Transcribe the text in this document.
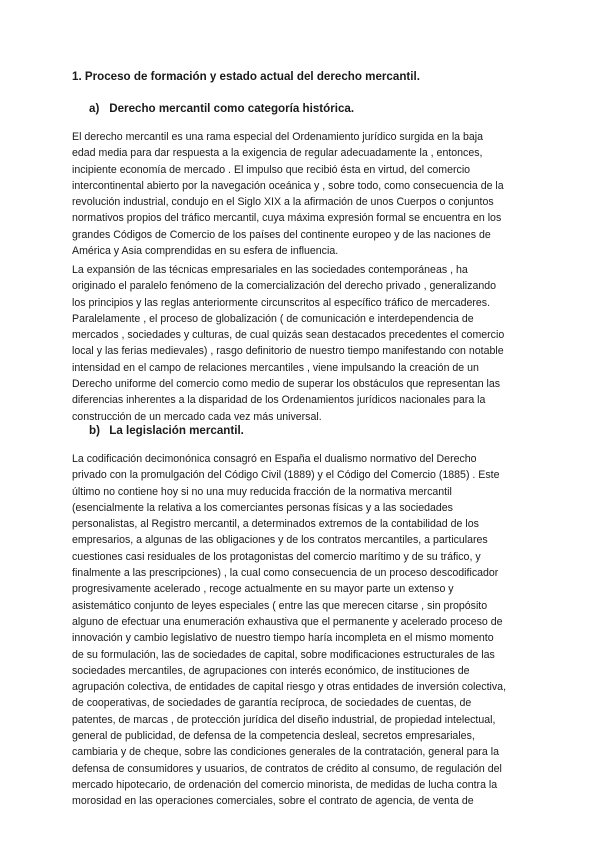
1. Proceso de formación y estado actual del derecho mercantil.
a) Derecho mercantil como categoría histórica.
El derecho mercantil es una rama especial del Ordenamiento jurídico surgida en la baja
edad media para dar respuesta a la exigencia de regular adecuadamente la , entonces,
incipiente economía de mercado . El impulso que recibió ésta en virtud, del comercio
intercontinental abierto por la navegación oceánica y , sobre todo, como consecuencia de la
revolución industrial, condujo en el Siglo XIX a la afirmación de unos Cuerpos o conjuntos
normativos propios del tráfico mercantil, cuya máxima expresión formal se encuentra en los
grandes Códigos de Comercio de los países del continente europeo y de las naciones de
América y Asia comprendidas en su esfera de influencia.
La expansión de las técnicas empresariales en las sociedades contemporáneas , ha
originado el paralelo fenómeno de la comercialización del derecho privado , generalizando
los principios y las reglas anteriormente circunscritos al específico tráfico de mercaderes.
Paralelamente , el proceso de globalización ( de comunicación e interdependencia de
mercados , sociedades y culturas, de cual quizás sean destacados precedentes el comercio
local y las ferias medievales) , rasgo definitorio de nuestro tiempo manifestando con notable
intensidad en el campo de relaciones mercantiles , viene impulsando la creación de un
Derecho uniforme del comercio como medio de superar los obstáculos que representan las
diferencias inherentes a la disparidad de los Ordenamientos jurídicos nacionales para la
construcción de un mercado cada vez más universal.
b) La legislación mercantil.
La codificación decimonónica consagró en España el dualismo normativo del Derecho
privado con la promulgación del Código Civil (1889) y el Código del Comercio (1885) . Este
último no contiene hoy si no una muy reducida fracción de la normativa mercantil
(esencialmente la relativa a los comerciantes personas físicas y a las sociedades
personalistas, al Registro mercantil, a determinados extremos de la contabilidad de los
empresarios, a algunas de las obligaciones y de los contratos mercantiles, a particulares
cuestiones casi residuales de los protagonistas del comercio marítimo y de su tráfico, y
finalmente a las prescripciones) , la cual como consecuencia de un proceso descodificador
progresivamente acelerado , recoge actualmente en su mayor parte un extenso y
asistemático conjunto de leyes especiales ( entre las que merecen citarse , sin propósito
alguno de efectuar una enumeración exhaustiva que el permanente y acelerado proceso de
innovación y cambio legislativo de nuestro tiempo haría incompleta en el mismo momento
de su formulación, las de sociedades de capital, sobre modificaciones estructurales de las
sociedades mercantiles, de agrupaciones con interés económico, de instituciones de
agrupación colectiva, de entidades de capital riesgo y otras entidades de inversión colectiva,
de cooperativas, de sociedades de garantía recíproca, de sociedades de cuentas, de
patentes, de marcas , de protección jurídica del diseño industrial, de propiedad intelectual,
general de publicidad, de defensa de la competencia desleal, secretos empresariales,
cambiaria y de cheque, sobre las condiciones generales de la contratación, general para la
defensa de consumidores y usuarios, de contratos de crédito al consumo, de regulación del
mercado hipotecario, de ordenación del comercio minorista, de medidas de lucha contra la
morosidad en las operaciones comerciales, sobre el contrato de agencia, de venta de
